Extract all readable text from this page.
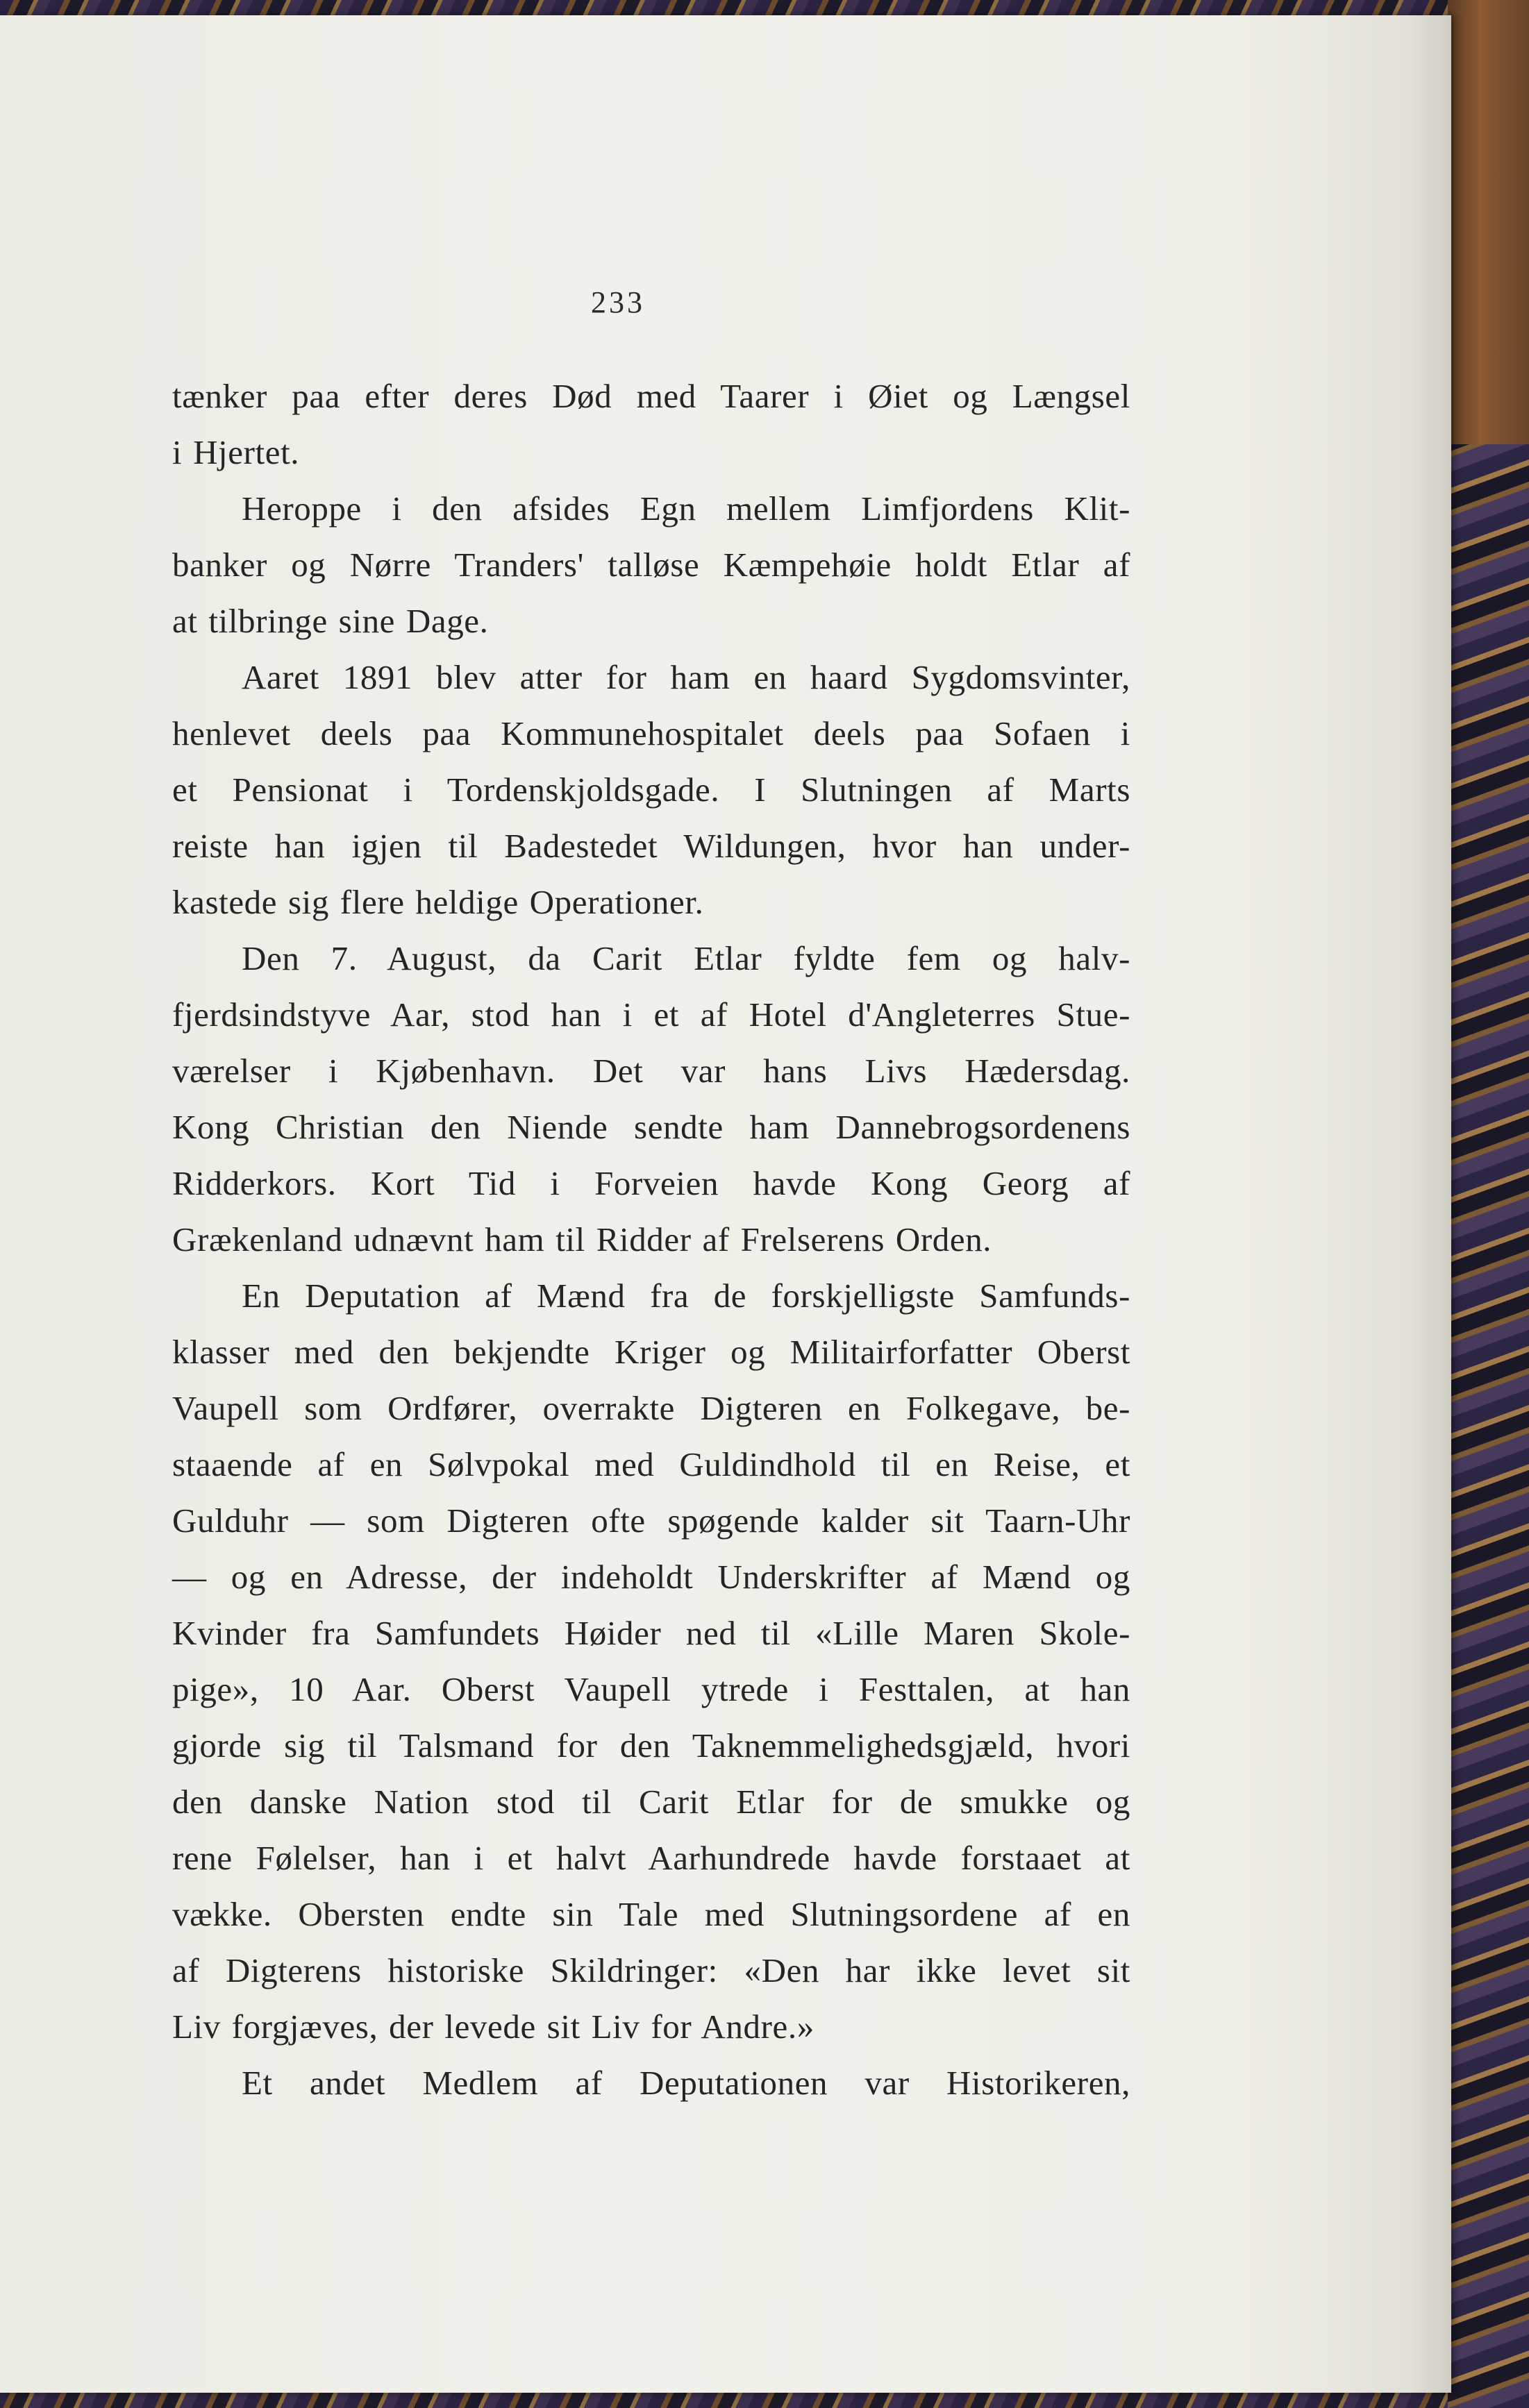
233

tænker paa efter deres Død med Taarer i Øiet og Længsel

i Hjertet.

Heroppe i den afsides Egn mellem Limfjordens Klit-

banker og Nørre Tranders' talløse Kæmpehøie holdt Etlar af

at tilbringe sine Dage.

Aaret 1891 blev atter for ham en haard Sygdomsvinter,

henlevet deels paa Kommunehospitalet deels paa Sofaen i

et Pensionat i Tordenskjoldsgade. I Slutningen af Marts

reiste han igjen til Badestedet Wildungen, hvor han under-

kastede sig flere heldige Operationer.

Den 7. August, da Carit Etlar fyldte fem og halv-

fjerdsindstyve Aar, stod han i et af Hotel d'Angleterres Stue-

værelser i Kjøbenhavn. Det var hans Livs Hædersdag.

Kong Christian den Niende sendte ham Dannebrogsordenens

Ridderkors. Kort Tid i Forveien havde Kong Georg af

Grækenland udnævnt ham til Ridder af Frelserens Orden.

En Deputation af Mænd fra de forskjelligste Samfunds-

klasser med den bekjendte Kriger og Militairforfatter Oberst

Vaupell som Ordfører, overrakte Digteren en Folkegave, be-

staaende af en Sølvpokal med Guldindhold til en Reise, et

Gulduhr — som Digteren ofte spøgende kalder sit Taarn-Uhr

— og en Adresse, der indeholdt Underskrifter af Mænd og

Kvinder fra Samfundets Høider ned til «Lille Maren Skole-

pige», 10 Aar. Oberst Vaupell ytrede i Festtalen, at han

gjorde sig til Talsmand for den Taknemmelighedsgjæld, hvori

den danske Nation stod til Carit Etlar for de smukke og

rene Følelser, han i et halvt Aarhundrede havde forstaaet at

vække. Obersten endte sin Tale med Slutningsordene af en

af Digterens historiske Skildringer: «Den har ikke levet sit

Liv forgjæves, der levede sit Liv for Andre.»

Et andet Medlem af Deputationen var Historikeren,
